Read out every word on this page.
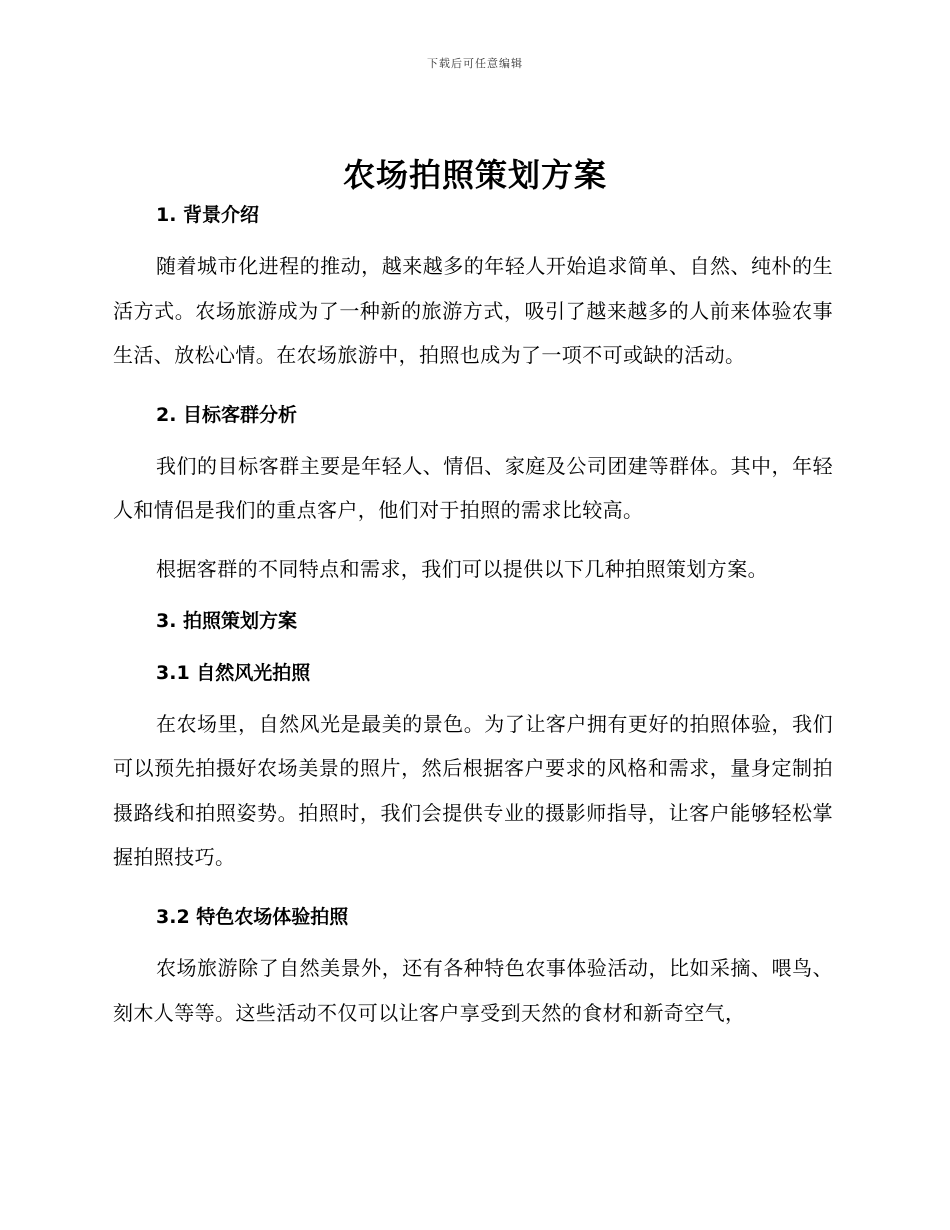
下载后可任意编辑
农场拍照策划方案
1. 背景介绍

随着城市化进程的推动，越来越多的年轻人开始追求简单、自然、纯朴的生活方式。农场旅游成为了一种新的旅游方式，吸引了越来越多的人前来体验农事生活、放松心情。在农场旅游中，拍照也成为了一项不可或缺的活动。

2. 目标客群分析

我们的目标客群主要是年轻人、情侣、家庭及公司团建等群体。其中，年轻人和情侣是我们的重点客户，他们对于拍照的需求比较高。

根据客群的不同特点和需求，我们可以提供以下几种拍照策划方案。

3. 拍照策划方案
3.1 自然风光拍照

在农场里，自然风光是最美的景色。为了让客户拥有更好的拍照体验，我们可以预先拍摄好农场美景的照片，然后根据客户要求的风格和需求，量身定制拍摄路线和拍照姿势。拍照时，我们会提供专业的摄影师指导，让客户能够轻松掌握拍照技巧。

3.2 特色农场体验拍照

农场旅游除了自然美景外，还有各种特色农事体验活动，比如采摘、喂鸟、刻木人等等。这些活动不仅可以让客户享受到天然的食材和新奇空气，
